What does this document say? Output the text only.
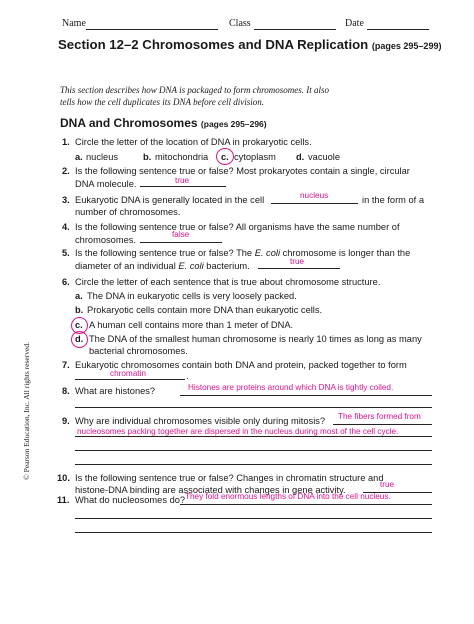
Name	Class	Date
Section 12–2 Chromosomes and DNA Replication (pages 295–299)
This section describes how DNA is packaged to form chromosomes. It also
tells how the cell duplicates its DNA before cell division.
DNA and Chromosomes (pages 295–296)
1. Circle the letter of the location of DNA in prokaryotic cells.
a. nucleus	b. mitochondria c. cytoplasm d. vacuole
2. Is the following sentence true or false? Most prokaryotes contain a single, circular
DNA molecule.	true
3. Eukaryotic DNA is generally located in the cell	nucleus	in the form of a
number of chromosomes.
4. Is the following sentence true or false? All organisms have the same number of
chromosomes.
false
5. Is the following sentence true or false? The E. coli chromosome is longer than the
diameter of an individual E. coli bacterium.	true
6. Circle the letter of each sentence that is true about chromosome structure.
a. The DNA in eukaryotic cells is very loosely packed.
b. Prokaryotic cells contain more DNA than eukaryotic cells.
c. A human cell contains more than 1 meter of DNA.
d. The DNA of the smallest human chromosome is nearly 10 times as long as many
bacterial chromosomes.
7. Eukaryotic chromosomes contain both DNA and protein, packed together to form
chromatin	.
8. What are histones?	Histones are proteins around which DNA is tightly coiled.
9. Why are individual chromosomes visible only during mitosis? The fibers formed from
nucleosomes packing together are dispersed in the nucleus during most of the cell cycle.
10. Is the following sentence true or false? Changes in chromatin structure and
histone-DNA binding are associated with changes in gene activity.
true
11. What do nucleosomes do? They fold enormous lengths of DNA into the cell nucleus.
© Pearson Education, Inc. All rights reserved.
